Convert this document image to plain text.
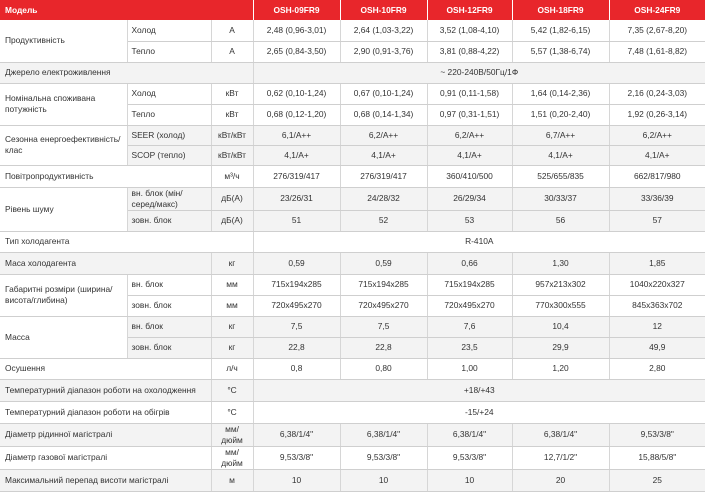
Модель			OSH-09FR9	OSH-10FR9	OSH-12FR9	OSH-18FR9	OSH-24FR9
Продуктивність	Холод	А	2,48 (0,96-3,01)	2,64 (1,03-3,22)	3,52 (1,08-4,10)	5,42 (1,82-6,15)	7,35 (2,67-8,20)
	Тепло	А	2,65 (0,84-3,50)	2,90 (0,91-3,76)	3,81 (0,88-4,22)	5,57 (1,38-6,74)	7,48 (1,61-8,82)
Джерело електроживлення			~ 220-240В/50Гц/1Ф				
Номінальна споживана потужність	Холод	кВт	0,62 (0,10-1,24)	0,67 (0,10-1,24)	0,91 (0,11-1,58)	1,64 (0,14-2,36)	2,16 (0,24-3,03)
	Тепло	кВт	0,68 (0,12-1,20)	0,68 (0,14-1,34)	0,97 (0,31-1,51)	1,51 (0,20-2,40)	1,92 (0,26-3,14)
Сезонна енергоефективність/клас	SEER (холод)	кВт/кВт	6,1/А++	6,2/А++	6,2/А++	6,7/А++	6,2/А++
	SCOP (тепло)	кВт/кВт	4,1/А+	4,1/А+	4,1/А+	4,1/А+	4,1/А+
Повітропродуктивність		м³/ч	276/319/417	276/319/417	360/410/500	525/655/835	662/817/980
Рівень шуму	вн. блок (мін/серед/макс)	дБ(А)	23/26/31	24/28/32	26/29/34	30/33/37	33/36/39
	зовн. блок	дБ(А)	51	52	53	56	57
Тип холодагента			R-410A				
Маса холодагента		кг	0,59	0,59	0,66	1,30	1,85
Габаритні розміри (ширина/висота/глибина)	вн. блок	мм	715х194х285	715х194х285	715х194х285	957х213х302	1040х220х327
	зовн. блок	мм	720х495х270	720х495х270	720х495х270	770х300х555	845х363х702
Масса	вн. блок	кг	7,5	7,5	7,6	10,4	12
	зовн. блок	кг	22,8	22,8	23,5	29,9	49,9
Осушення		л/ч	0,8	0,80	1,00	1,20	2,80
Температурний діапазон роботи на охолодження		°С	+18/+43				
Температурний діапазон роботи на обігрів		°С	-15/+24				
Діаметр рідинної магістралі		мм/дюйм	6,38/1/4"	6,38/1/4"	6,38/1/4"	6,38/1/4"	9,53/3/8"
Діаметр газової магістралі		мм/дюйм	9,53/3/8"	9,53/3/8"	9,53/3/8"	12,7/1/2"	15,88/5/8"
Максимальний перепад висоти магістралі		м	10	10	10	20	25
